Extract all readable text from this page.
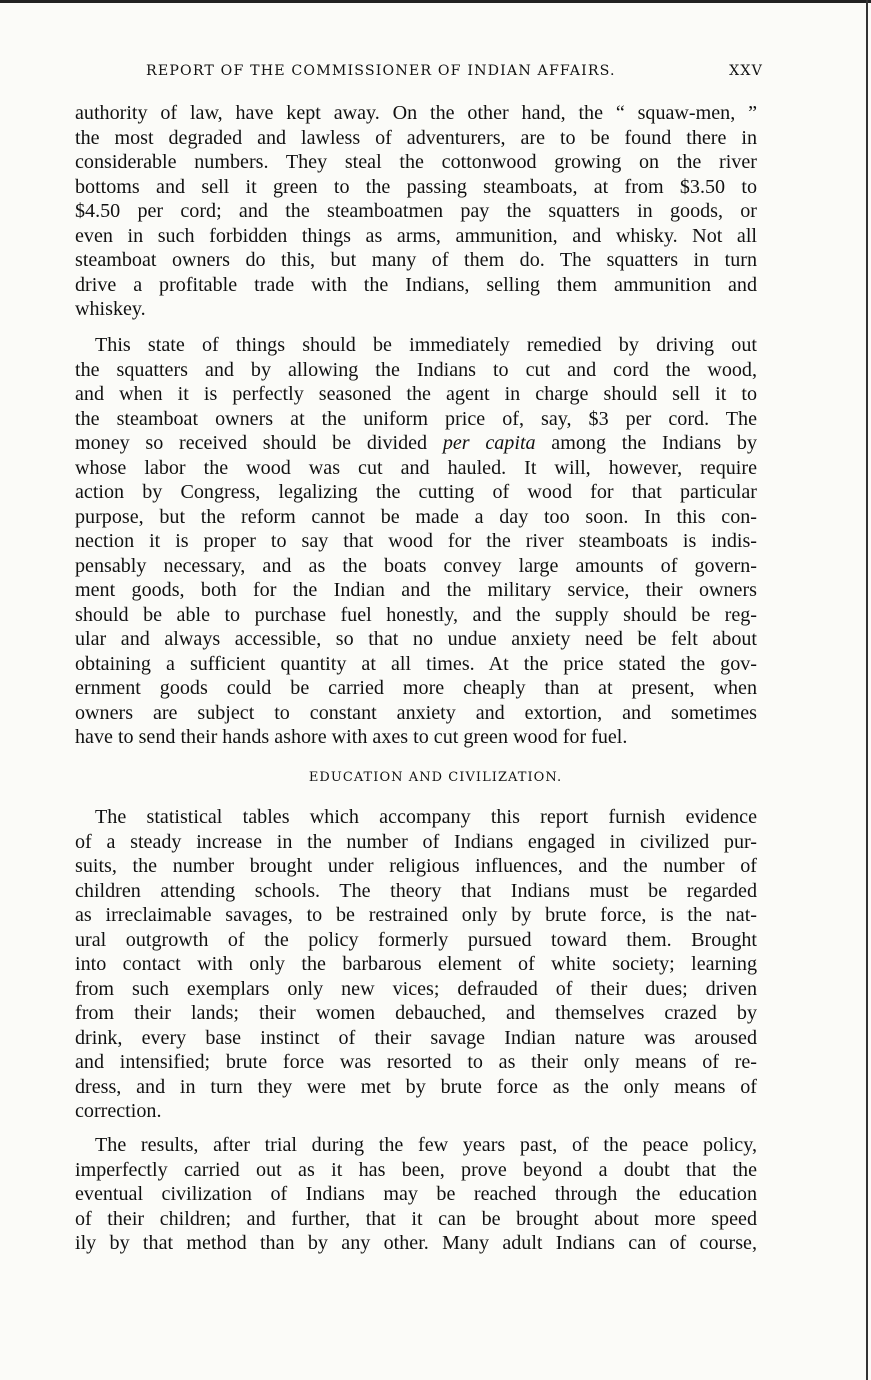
REPORT OF THE COMMISSIONER OF INDIAN AFFAIRS.	XXV
authority of law, have kept away. On the other hand, the “ squaw-men, ”
the most degraded and lawless of adventurers, are to be found there in
considerable numbers. They steal the cottonwood growing on the river
bottoms and sell it green to the passing steamboats, at from $3.50 to
$4.50 per cord; and the steamboatmen pay the squatters in goods, or
even in such forbidden things as arms, ammunition, and whisky. Not all
steamboat owners do this, but many of them do. The squatters in turn
drive a profitable trade with the Indians, selling them ammunition and
whiskey.
This state of things should be immediately remedied by driving out
the squatters and by allowing the Indians to cut and cord the wood,
and when it is perfectly seasoned the agent in charge should sell it to
the steamboat owners at the uniform price of, say, $3 per cord. The
money so received should be divided per capita among the Indians by
whose labor the wood was cut and hauled. It will, however, require
action by Congress, legalizing the cutting of wood for that particular
purpose, but the reform cannot be made a day too soon. In this con-
nection it is proper to say that wood for the river steamboats is indis-
pensably necessary, and as the boats convey large amounts of govern-
ment goods, both for the Indian and the military service, their owners
should be able to purchase fuel honestly, and the supply should be reg-
ular and always accessible, so that no undue anxiety need be felt about
obtaining a sufficient quantity at all times. At the price stated the gov-
ernment goods could be carried more cheaply than at present, when
owners are subject to constant anxiety and extortion, and sometimes
have to send their hands ashore with axes to cut green wood for fuel.
EDUCATION AND CIVILIZATION.
The statistical tables which accompany this report furnish evidence
of a steady increase in the number of Indians engaged in civilized pur-
suits, the number brought under religious influences, and the number of
children attending schools. The theory that Indians must be regarded
as irreclaimable savages, to be restrained only by brute force, is the nat-
ural outgrowth of the policy formerly pursued toward them. Brought
into contact with only the barbarous element of white society; learning
from such exemplars only new vices; defrauded of their dues; driven
from their lands; their women debauched, and themselves crazed by
drink, every base instinct of their savage Indian nature was aroused
and intensified; brute force was resorted to as their only means of re-
dress, and in turn they were met by brute force as the only means of
correction.
The results, after trial during the few years past, of the peace policy,
imperfectly carried out as it has been, prove beyond a doubt that the
eventual civilization of Indians may be reached through the education
of their children; and further, that it can be brought about more speed
ily by that method than by any other. Many adult Indians can of course,
